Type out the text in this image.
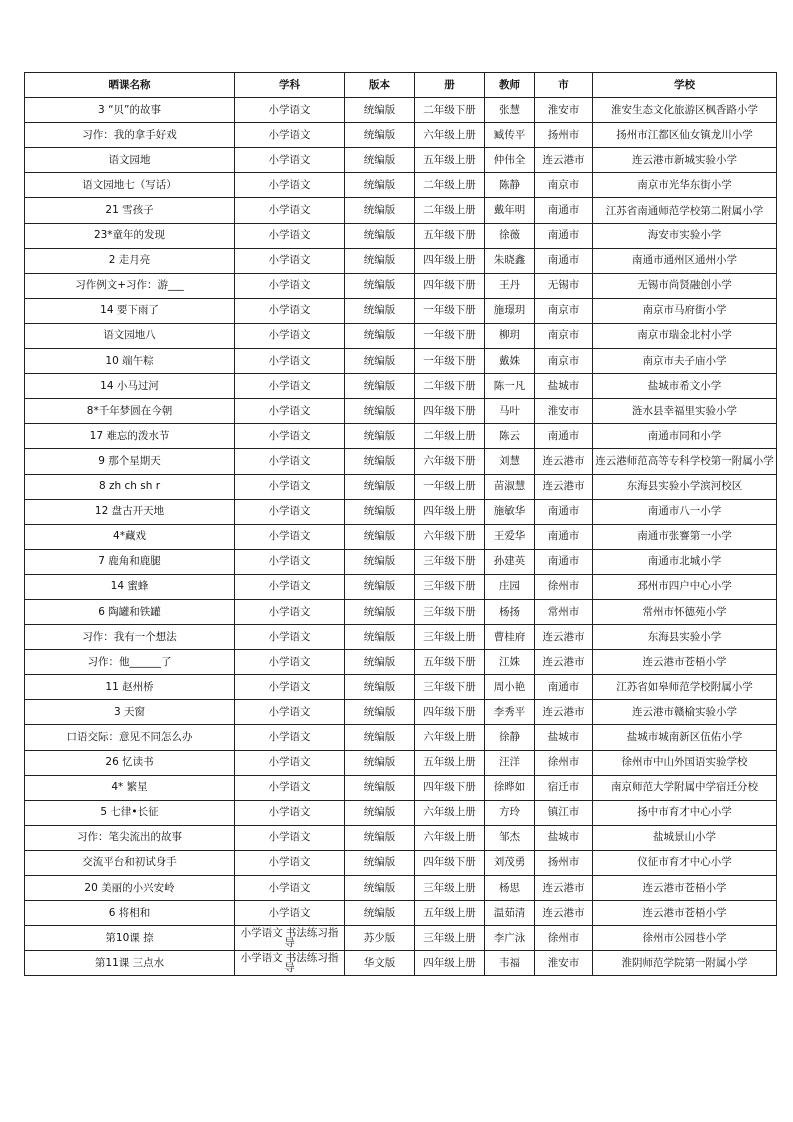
晒课名称	学科	版本	册	教师	市	学校
3 “贝”的故事	小学语文	统编版	二年级下册	张慧	淮安市	淮安生态文化旅游区枫香路小学
习作：我的拿手好戏	小学语文	统编版	六年级上册	臧传平	扬州市	扬州市江都区仙女镇龙川小学
语文园地	小学语文	统编版	五年级上册	仲伟全	连云港市	连云港市新城实验小学
语文园地七（写话）	小学语文	统编版	二年级上册	陈静	南京市	南京市光华东街小学
21 雪孩子	小学语文	统编版	二年级上册	戴年明	南通市	江苏省南通师范学校第二附属小学
23*童年的发现	小学语文	统编版	五年级下册	徐薇	南通市	海安市实验小学
2 走月亮	小学语文	统编版	四年级上册	朱晓鑫	南通市	南通市通州区通州小学
习作例文+习作：游___	小学语文	统编版	四年级下册	王丹	无锡市	无锡市尚贤融创小学
14 要下雨了	小学语文	统编版	一年级下册	施璟玥	南京市	南京市马府街小学
语文园地八	小学语文	统编版	一年级下册	柳玥	南京市	南京市瑞金北村小学
10 端午粽	小学语文	统编版	一年级下册	戴姝	南京市	南京市夫子庙小学
14 小马过河	小学语文	统编版	二年级下册	陈一凡	盐城市	盐城市希文小学
8*千年梦圆在今朝	小学语文	统编版	四年级下册	马叶	淮安市	涟水县幸福里实验小学
17 难忘的泼水节	小学语文	统编版	二年级上册	陈云	南通市	南通市同和小学
9 那个星期天	小学语文	统编版	六年级下册	刘慧	连云港市	连云港师范高等专科学校第一附属小学
8 zh ch sh r	小学语文	统编版	一年级上册	苗淑慧	连云港市	东海县实验小学滨河校区
12 盘古开天地	小学语文	统编版	四年级上册	施敏华	南通市	南通市八一小学
4*藏戏	小学语文	统编版	六年级下册	王爱华	南通市	南通市张謇第一小学
7 鹿角和鹿腿	小学语文	统编版	三年级下册	孙建英	南通市	南通市北城小学
14 蜜蜂	小学语文	统编版	三年级下册	庄园	徐州市	邳州市四户中心小学
6 陶罐和铁罐	小学语文	统编版	三年级下册	杨扬	常州市	常州市怀德苑小学
习作：我有一个想法	小学语文	统编版	三年级上册	曹桂府	连云港市	东海县实验小学
习作：他______了	小学语文	统编版	五年级下册	江姝	连云港市	连云港市苍梧小学
11 赵州桥	小学语文	统编版	三年级下册	周小艳	南通市	江苏省如皋师范学校附属小学
3 天窗	小学语文	统编版	四年级下册	李秀平	连云港市	连云港市赣榆实验小学
口语交际：意见不同怎么办	小学语文	统编版	六年级上册	徐静	盐城市	盐城市城南新区伍佑小学
26 忆读书	小学语文	统编版	五年级上册	汪洋	徐州市	徐州市中山外国语实验学校
4* 繁星	小学语文	统编版	四年级下册	徐晔如	宿迁市	南京师范大学附属中学宿迁分校
5 七律•长征	小学语文	统编版	六年级上册	方玲	镇江市	扬中市育才中心小学
习作：笔尖流出的故事	小学语文	统编版	六年级上册	邹杰	盐城市	盐城景山小学
交流平台和初试身手	小学语文	统编版	四年级下册	刘茂勇	扬州市	仪征市育才中心小学
20 美丽的小兴安岭	小学语文	统编版	三年级上册	杨思	连云港市	连云港市苍梧小学
6 将相和	小学语文	统编版	五年级上册	温茹清	连云港市	连云港市苍梧小学
第10课 捺	小学语文 书法练习指导	苏少版	三年级上册	李广泳	徐州市	徐州市公园巷小学
第11课 三点水	小学语文 书法练习指导	华文版	四年级上册	韦福	淮安市	淮阴师范学院第一附属小学
